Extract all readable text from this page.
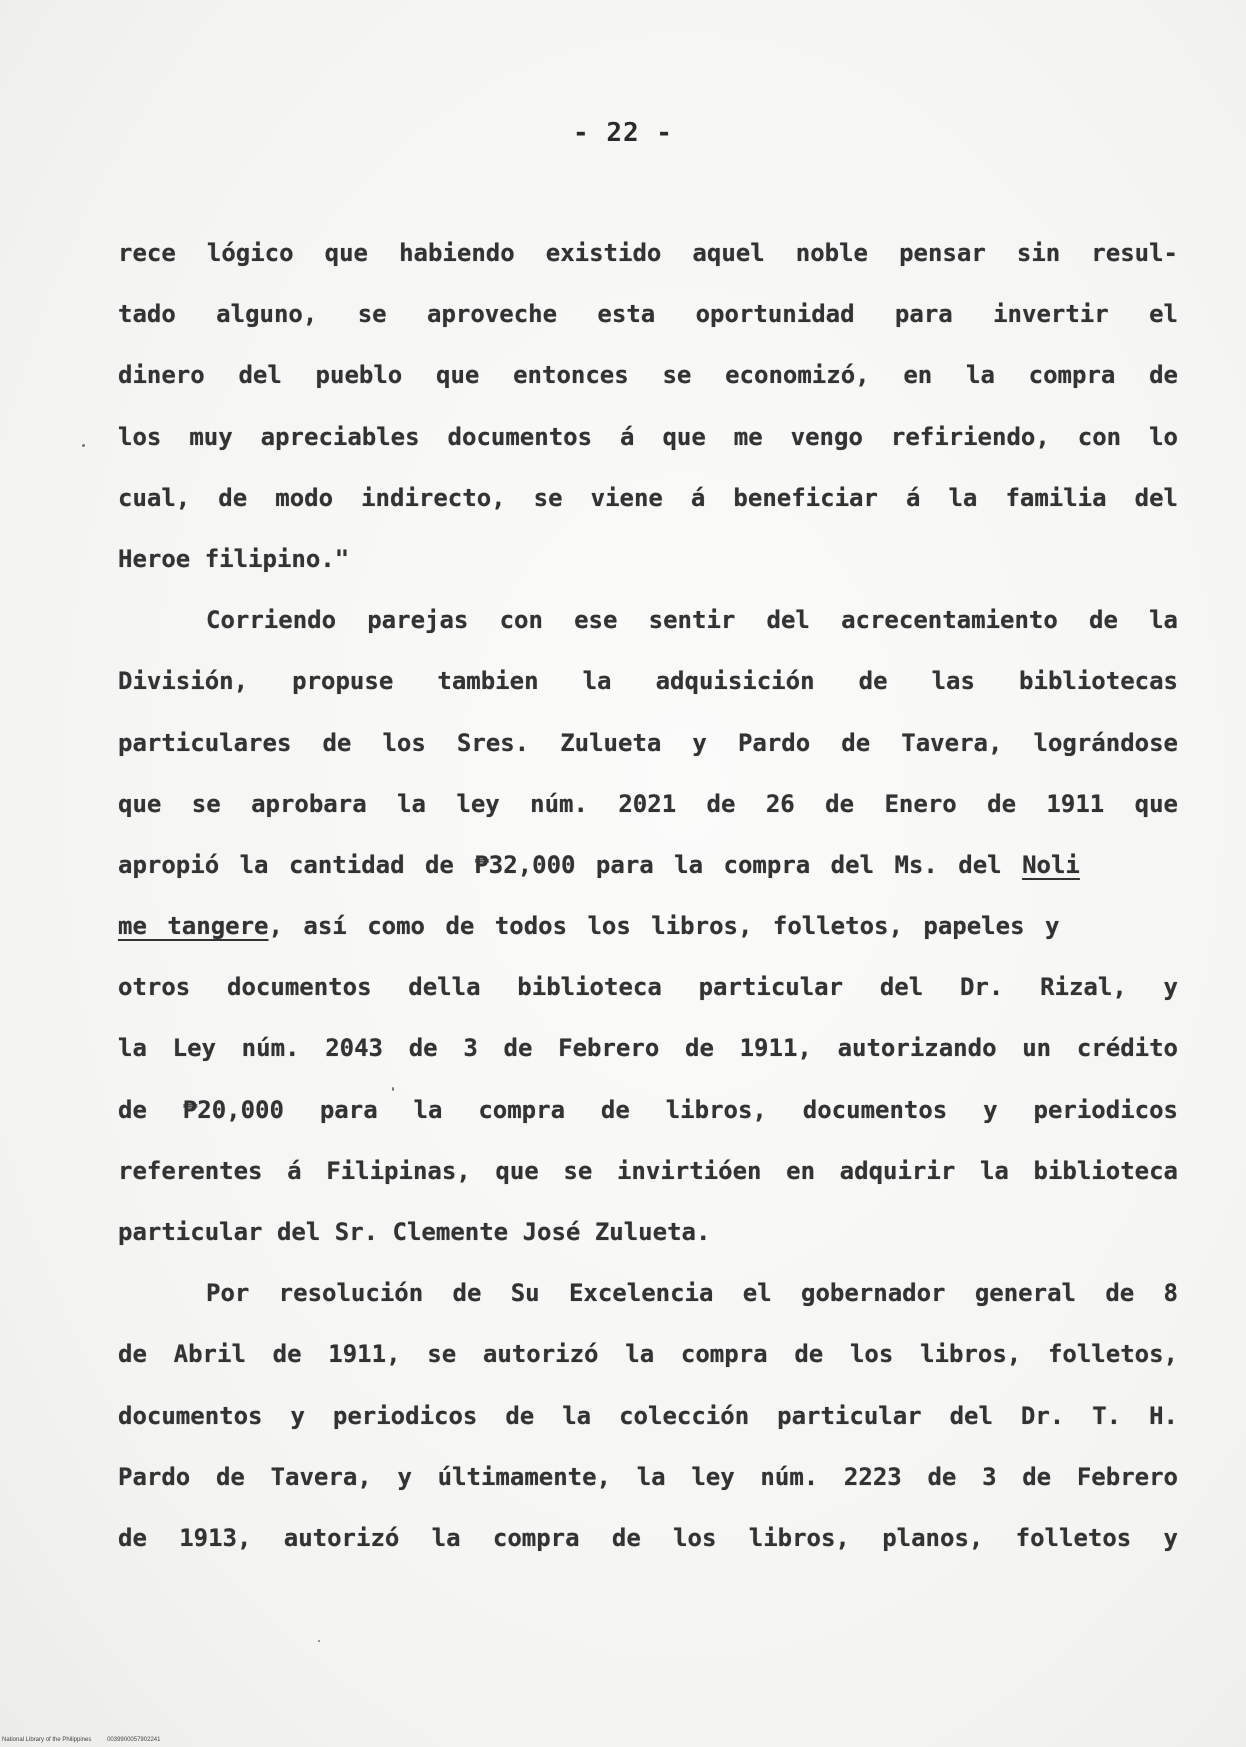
- 22 -
rece lógico que habiendo existido aquel noble pensar sin resul-
tado alguno, se aproveche esta oportunidad para invertir el
dinero del pueblo que entonces se economizó, en la compra de
los muy apreciables documentos á que me vengo refiriendo, con lo
cual, de modo indirecto, se viene á beneficiar á la familia del
Heroe filipino."
Corriendo parejas con ese sentir del acrecentamiento de la
División, propuse tambien la adquisición de las bibliotecas
particulares de los Sres. Zulueta y Pardo de Tavera, lográndose
que se aprobara la ley núm. 2021 de 26 de Enero de 1911 que
apropió la cantidad de ₱32,000 para la compra del Ms. del Noli
me tangere, así como de todos los libros, folletos, papeles y
otros documentos della biblioteca particular del Dr. Rizal, y
la Ley núm. 2043 de 3 de Febrero de 1911, autorizando un crédito
de ₱20,000 para la compra de libros, documentos y periodicos
referentes á Filipinas, que se invirtióen en adquirir la biblioteca
particular del Sr. Clemente José Zulueta.
Por resolución de Su Excelencia el gobernador general de 8
de Abril de 1911, se autorizó la compra de los libros, folletos,
documentos y periodicos de la colección particular del Dr. T. H.
Pardo de Tavera, y últimamente, la ley núm. 2223 de 3 de Febrero
de 1913, autorizó la compra de los libros, planos, folletos y
National Library of the Philippines	0039900057902241
